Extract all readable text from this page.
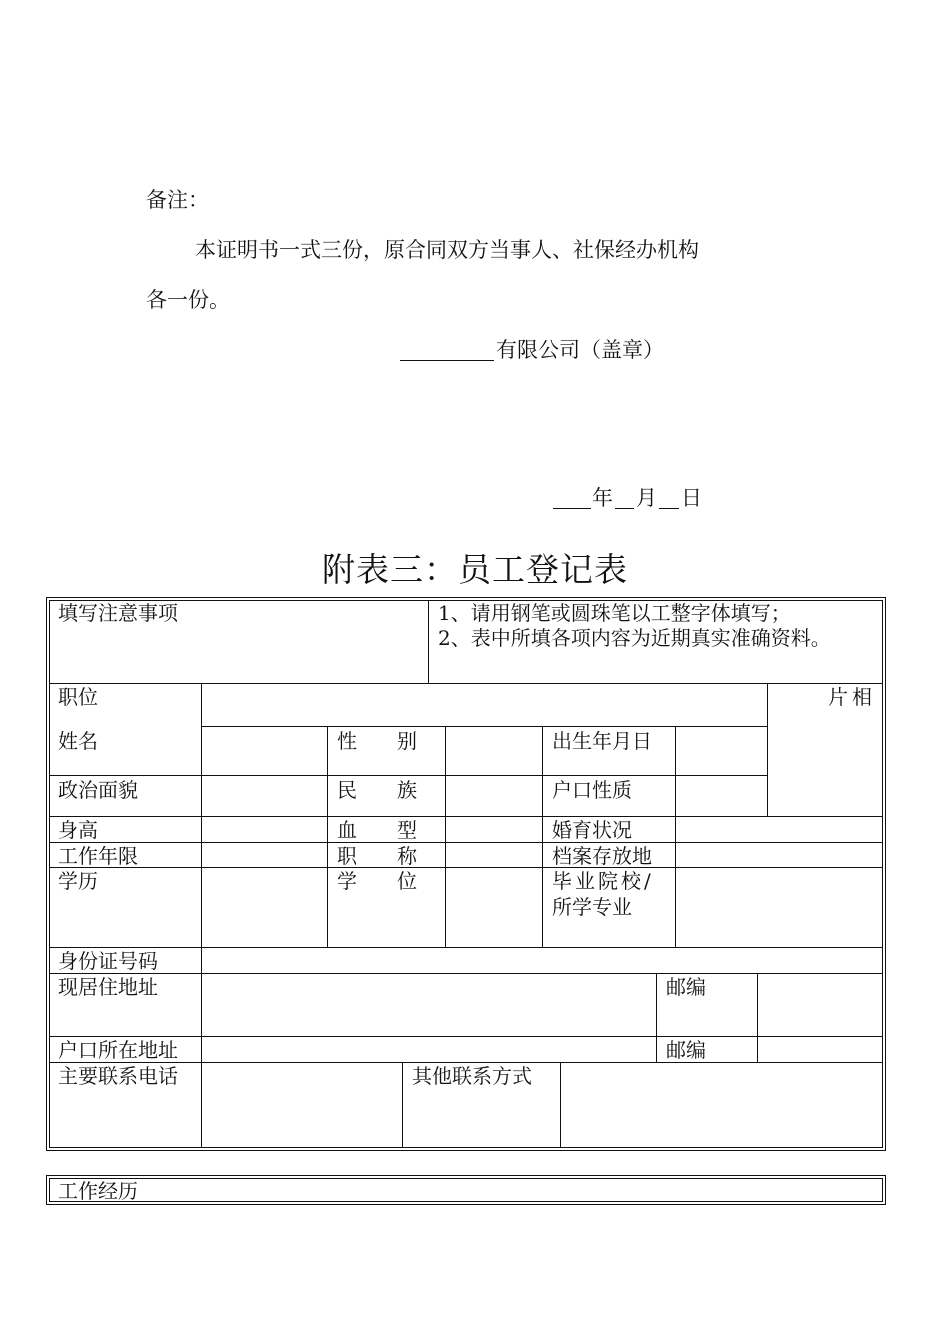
备注：
本证明书一式三份，原合同双方当事人、社保经办机构
各一份。
有限公司（盖章）
年 月 日
附表三：员工登记表
填写注意事项	1、请用钢笔或圆珠笔以工整字体填写；
2、表中所填各项内容为近期真实准确资料。
职位	片相
姓名	性　　别	出生年月日
政治面貌	民　　族	户口性质
身高	血　　型	婚育状况
工作年限	职　　称	档案存放地
学历	学　　位	毕业院校/
所学专业
身份证号码
现居住地址	邮编
户口所在地址	邮编
主要联系电话	其他联系方式
工作经历
